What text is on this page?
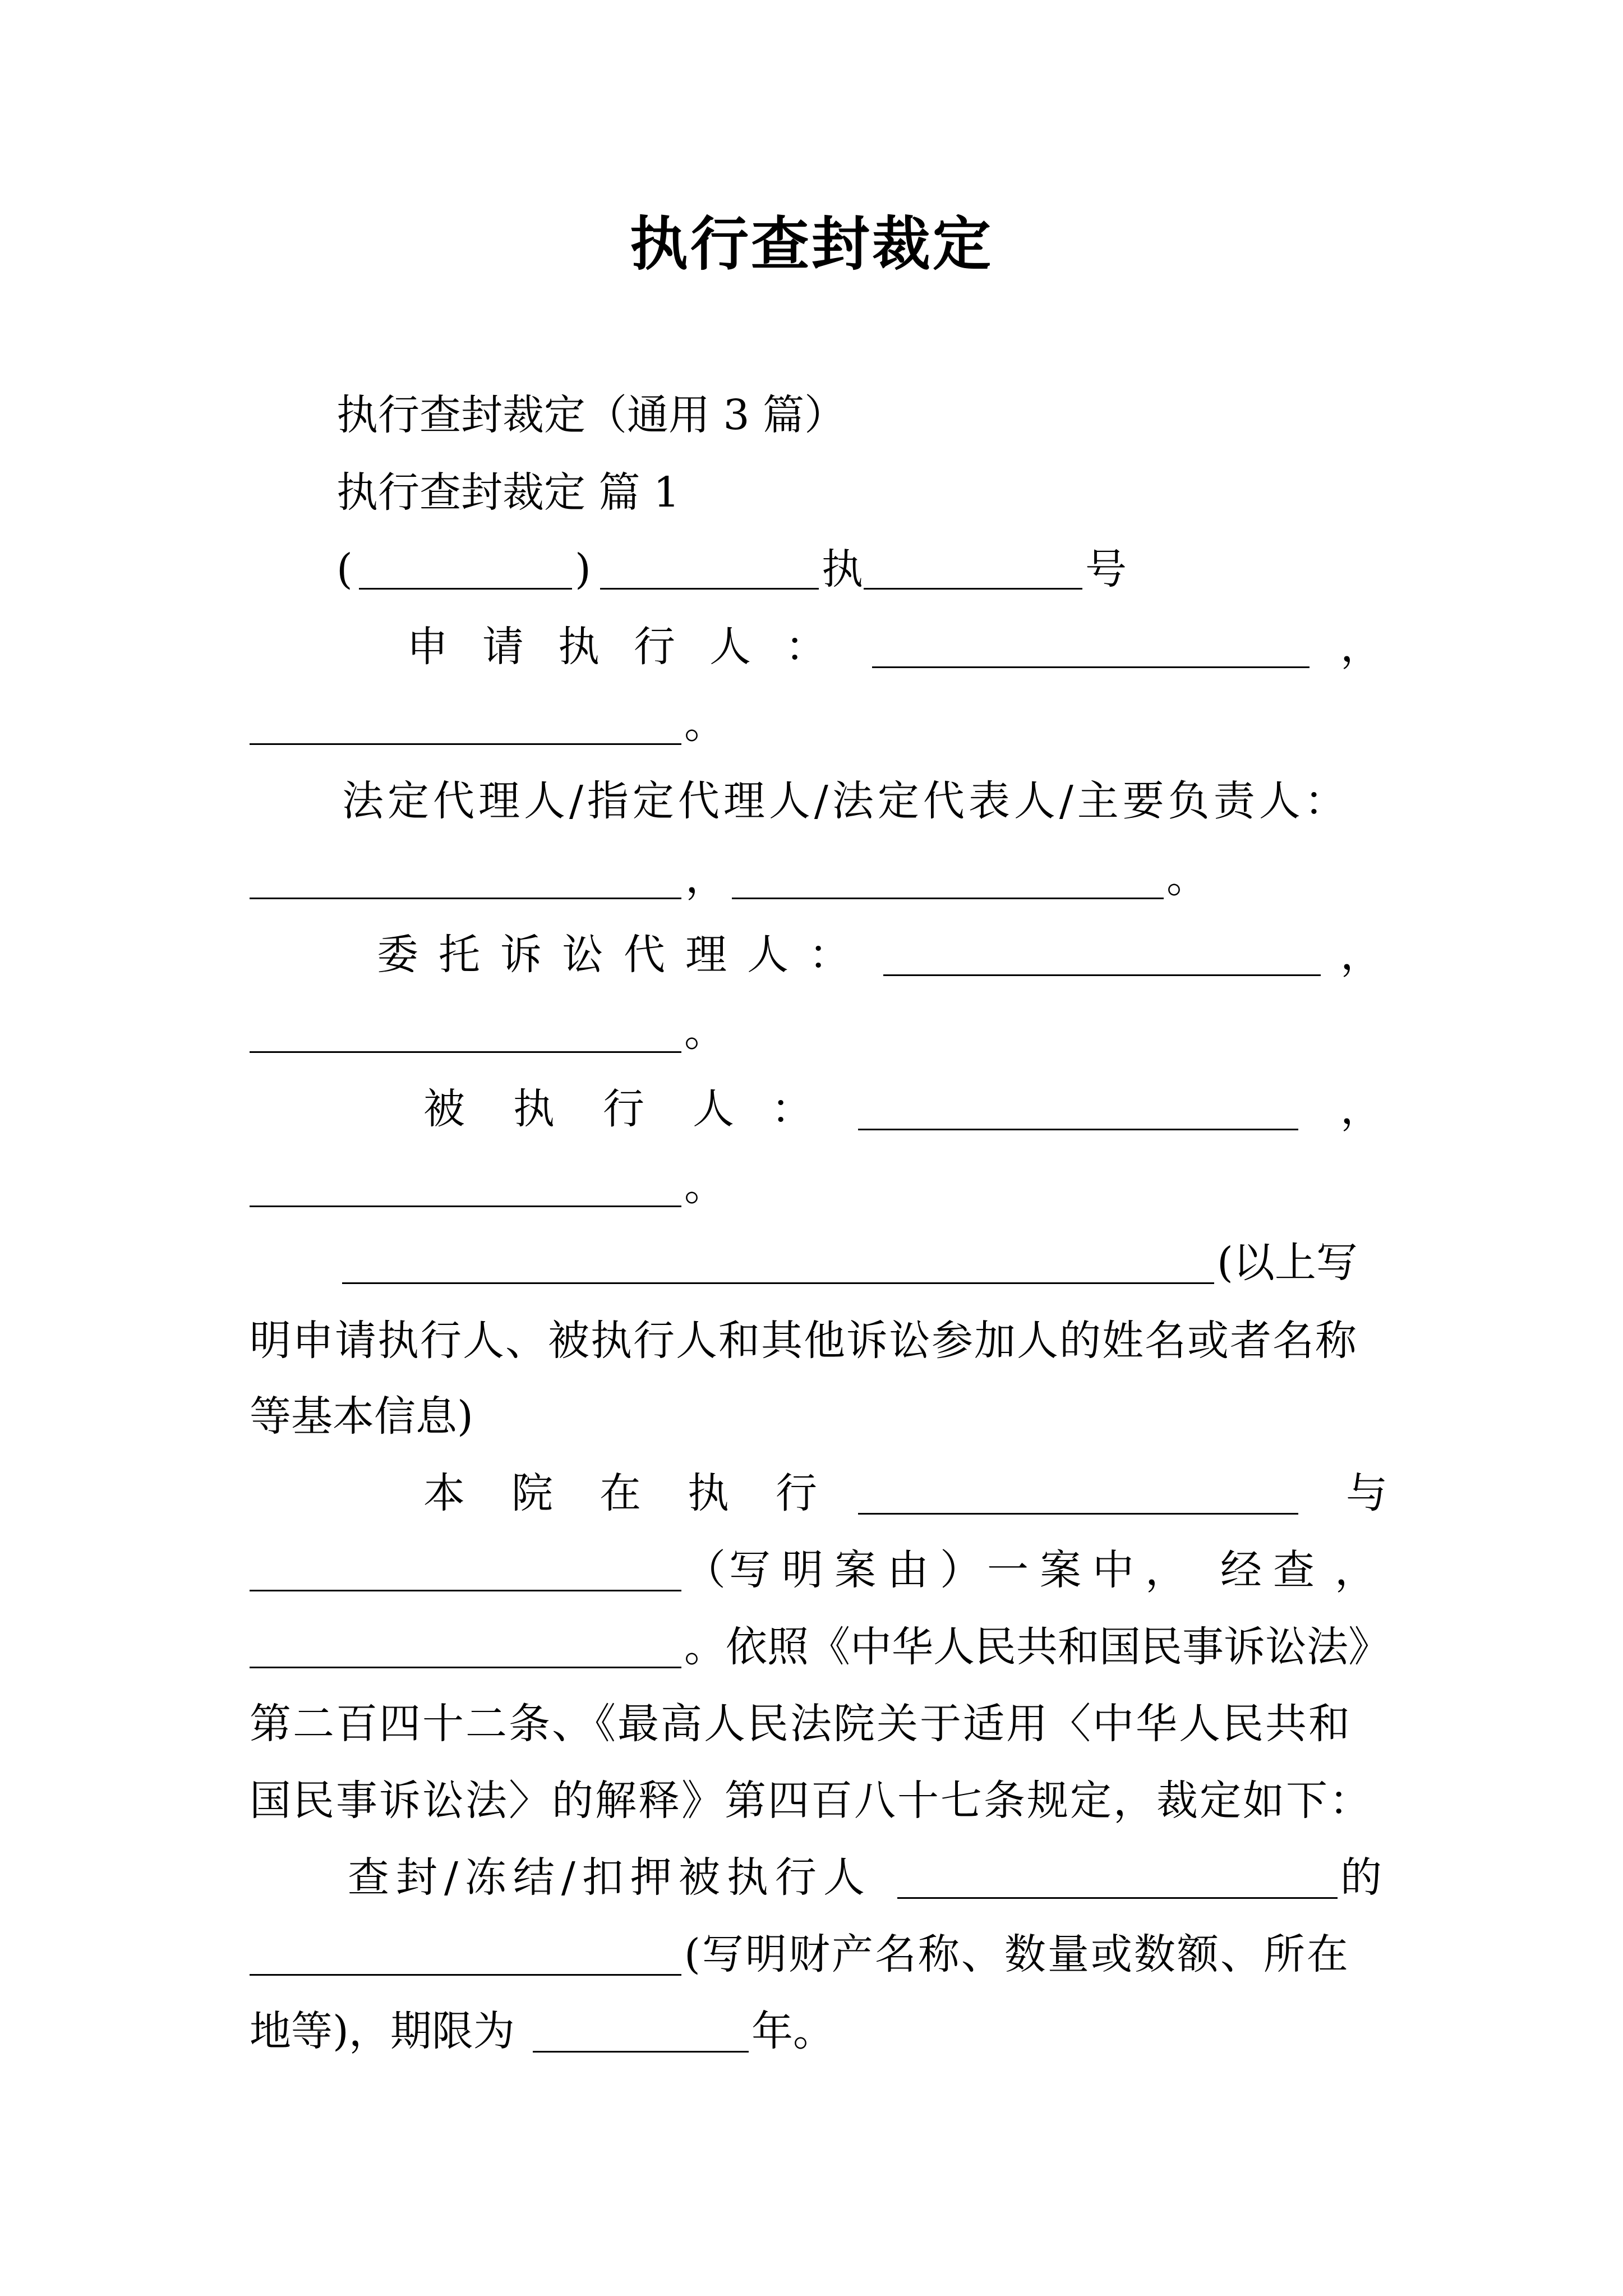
执行查封裁定
执行查封裁定（通用 3 篇）
执行查封裁定 篇 1
(	)	执	号
申 请 执 行 人 ：	，
。
法定代理人/指定代理人/法定代表人/主要负责人：
，	。
委 托 诉 讼 代 理 人 ：	，
。
被 执 行 人 ：	，
。
(以上写
明申请执行人、被执行人和其他诉讼参加人的姓名或者名称
等基本信息)
本 院 在 执 行	与
（ 写 明 案 由 ） 一 案 中 ， 经 查 ，
。依照《中华人民共和国民事诉讼法》
第二百四十二条、《最高人民法院关于适用〈中华人民共和
国民事诉讼法〉的解释》第四百八十七条规定，裁定如下：
查封/冻结/扣押被执行人	的
(写明财产名称、数量或数额、所在
地等)，期限为	年。
